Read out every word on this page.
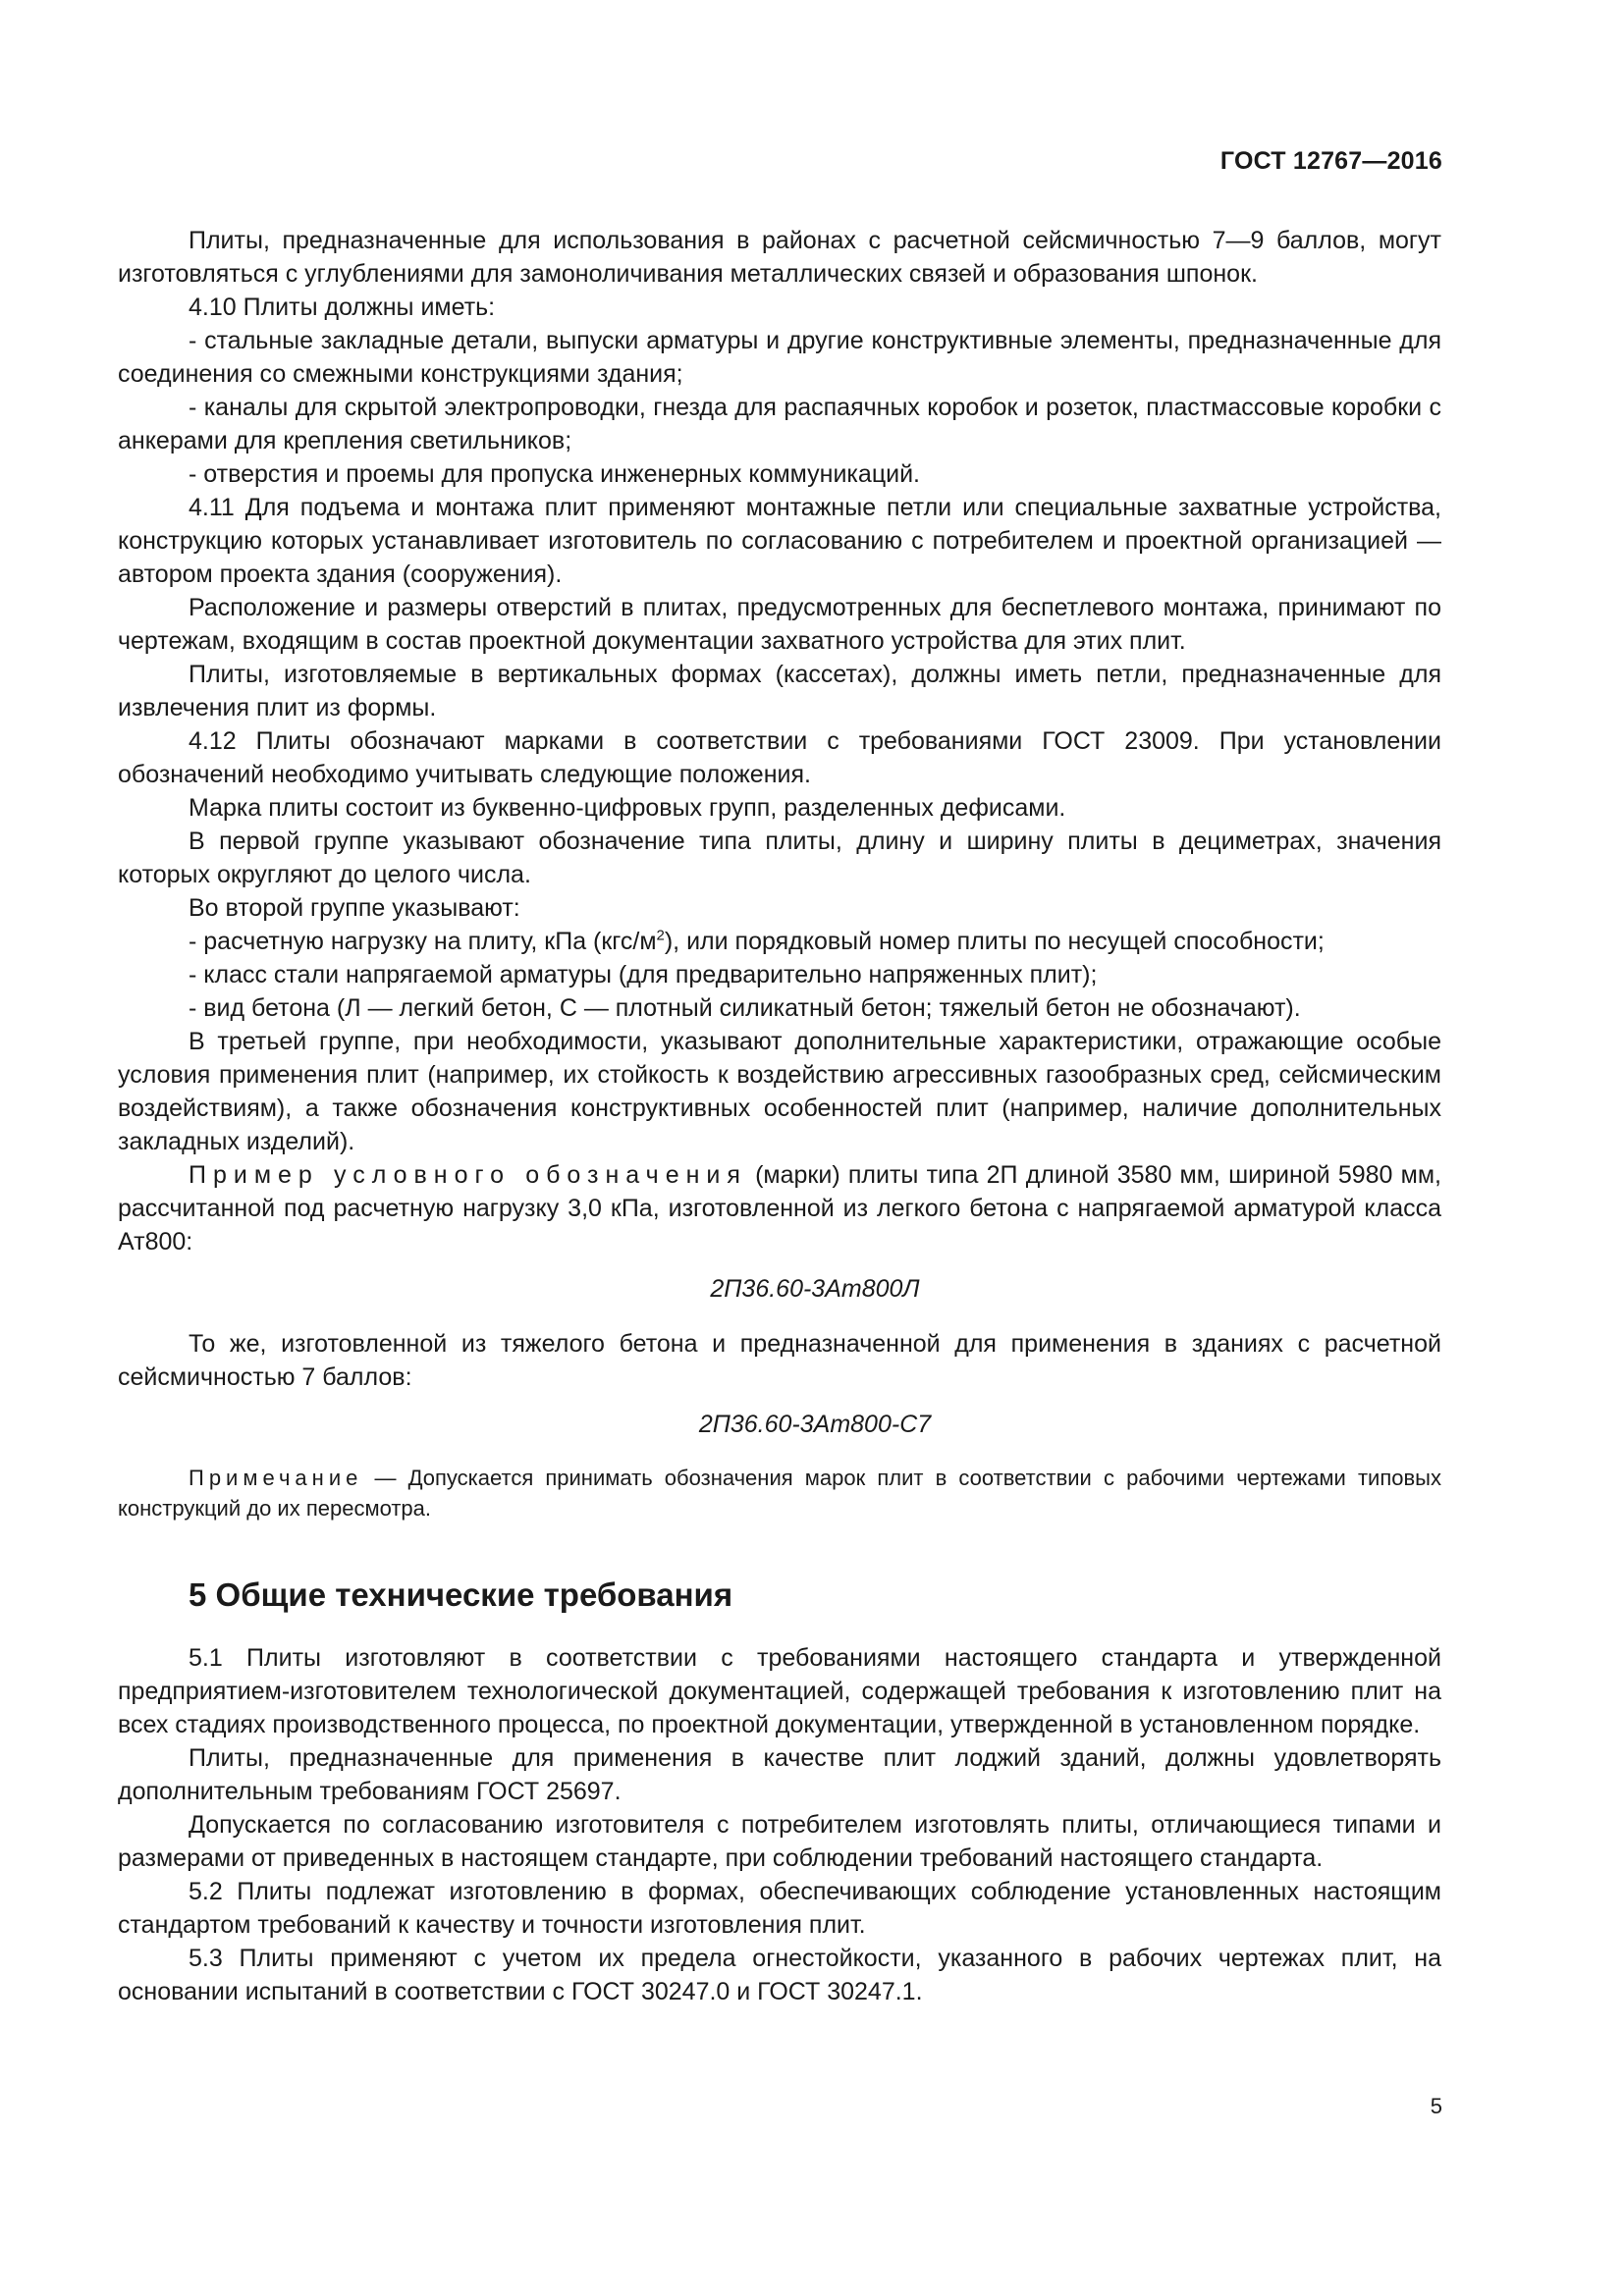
ГОСТ 12767—2016

Плиты, предназначенные для использования в районах с расчетной сейсмичностью 7—9 баллов, могут изготовляться с углублениями для замоноличивания металлических связей и образования шпонок.

4.10 Плиты должны иметь:

- стальные закладные детали, выпуски арматуры и другие конструктивные элементы, предназначенные для соединения со смежными конструкциями здания;

- каналы для скрытой электропроводки, гнезда для распаячных коробок и розеток, пластмассовые коробки с анкерами для крепления светильников;

- отверстия и проемы для пропуска инженерных коммуникаций.

4.11 Для подъема и монтажа плит применяют монтажные петли или специальные захватные устройства, конструкцию которых устанавливает изготовитель по согласованию с потребителем и проектной организацией — автором проекта здания (сооружения).

Расположение и размеры отверстий в плитах, предусмотренных для беспетлевого монтажа, принимают по чертежам, входящим в состав проектной документации захватного устройства для этих плит.

Плиты, изготовляемые в вертикальных формах (кассетах), должны иметь петли, предназначенные для извлечения плит из формы.

4.12 Плиты обозначают марками в соответствии с требованиями ГОСТ 23009. При установлении обозначений необходимо учитывать следующие положения.

Марка плиты состоит из буквенно-цифровых групп, разделенных дефисами.

В первой группе указывают обозначение типа плиты, длину и ширину плиты в дециметрах, значения которых округляют до целого числа.

Во второй группе указывают:

- расчетную нагрузку на плиту, кПа $(кгс/м^2)$, или порядковый номер плиты по несущей способности;

- класс стали напрягаемой арматуры (для предварительно напряженных плит);

- вид бетона (Л — легкий бетон, С — плотный силикатный бетон; тяжелый бетон не обозначают).

В третьей группе, при необходимости, указывают дополнительные характеристики, отражающие особые условия применения плит (например, их стойкость к воздействию агрессивных газообразных сред, сейсмическим воздействиям), а также обозначения конструктивных особенностей плит (например, наличие дополнительных закладных изделий).

Пример условного обозначения (марки) плиты типа 2П длиной 3580 мм, шириной 5980 мм, рассчитанной под расчетную нагрузку 3,0 кПа, изготовленной из легкого бетона с напрягаемой арматурой класса Ат800:

2П36.60-3Ат800Л

То же, изготовленной из тяжелого бетона и предназначенной для применения в зданиях с расчетной сейсмичностью 7 баллов:

2П36.60-3Ат800-С7

Примечание — Допускается принимать обозначения марок плит в соответствии с рабочими чертежами типовых конструкций до их пересмотра.

5 Общие технические требования

5.1 Плиты изготовляют в соответствии с требованиями настоящего стандарта и утвержденной предприятием-изготовителем технологической документацией, содержащей требования к изготовлению плит на всех стадиях производственного процесса, по проектной документации, утвержденной в установленном порядке.

Плиты, предназначенные для применения в качестве плит лоджий зданий, должны удовлетворять дополнительным требованиям ГОСТ 25697.

Допускается по согласованию изготовителя с потребителем изготовлять плиты, отличающиеся типами и размерами от приведенных в настоящем стандарте, при соблюдении требований настоящего стандарта.

5.2 Плиты подлежат изготовлению в формах, обеспечивающих соблюдение установленных настоящим стандартом требований к качеству и точности изготовления плит.

5.3 Плиты применяют с учетом их предела огнестойкости, указанного в рабочих чертежах плит, на основании испытаний в соответствии с ГОСТ 30247.0 и ГОСТ 30247.1.

5
